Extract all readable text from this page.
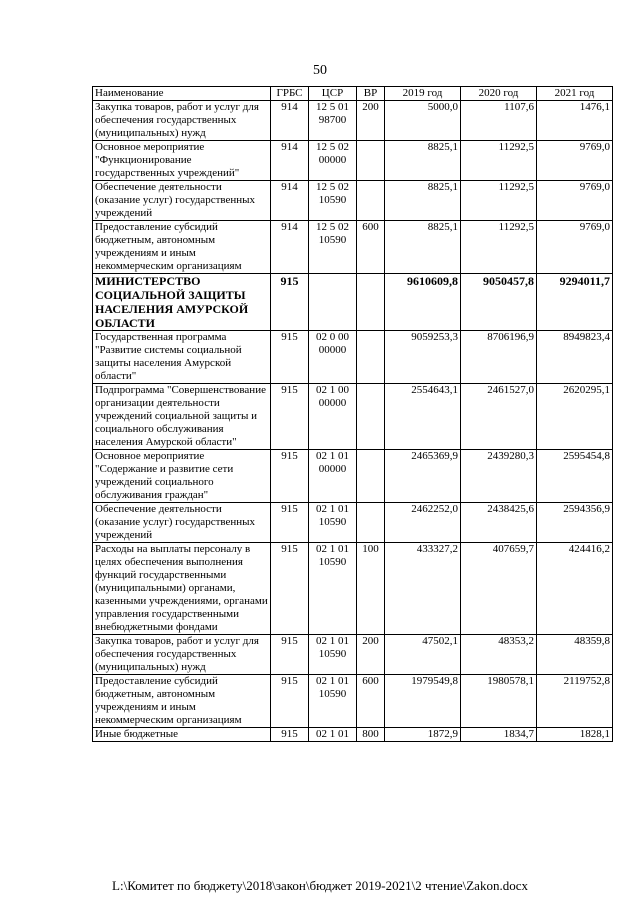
50
Наименование	ГРБС	ЦСР	ВР	2019 год	2020 год	2021 год
Закупка товаров, работ и услуг для обеспечения государственных (муниципальных) нужд	914	12 5 01 98700	200	5000,0	1107,6	1476,1
Основное мероприятие "Функционирование государственных учреждений"	914	12 5 02 00000		8825,1	11292,5	9769,0
Обеспечение деятельности (оказание услуг) государственных учреждений	914	12 5 02 10590		8825,1	11292,5	9769,0
Предоставление субсидий бюджетным, автономным учреждениям и иным некоммерческим организациям	914	12 5 02 10590	600	8825,1	11292,5	9769,0
МИНИСТЕРСТВО СОЦИАЛЬНОЙ ЗАЩИТЫ НАСЕЛЕНИЯ АМУРСКОЙ ОБЛАСТИ	915			9610609,8	9050457,8	9294011,7
Государственная программа "Развитие системы социальной защиты населения Амурской области"	915	02 0 00 00000		9059253,3	8706196,9	8949823,4
Подпрограмма "Совершенствование организации деятельности учреждений социальной защиты и социального обслуживания населения Амурской области"	915	02 1 00 00000		2554643,1	2461527,0	2620295,1
Основное мероприятие "Содержание и развитие сети учреждений социального обслуживания граждан"	915	02 1 01 00000		2465369,9	2439280,3	2595454,8
Обеспечение деятельности (оказание услуг) государственных учреждений	915	02 1 01 10590		2462252,0	2438425,6	2594356,9
Расходы на выплаты персоналу в целях обеспечения выполнения функций государственными (муниципальными) органами, казенными учреждениями, органами управления государственными внебюджетными фондами	915	02 1 01 10590	100	433327,2	407659,7	424416,2
Закупка товаров, работ и услуг для обеспечения государственных (муниципальных) нужд	915	02 1 01 10590	200	47502,1	48353,2	48359,8
Предоставление субсидий бюджетным, автономным учреждениям и иным некоммерческим организациям	915	02 1 01 10590	600	1979549,8	1980578,1	2119752,8
Иные бюджетные	915	02 1 01	800	1872,9	1834,7	1828,1
L:\Комитет по бюджету\2018\закон\бюджет 2019-2021\2 чтение\Zakon.docx
